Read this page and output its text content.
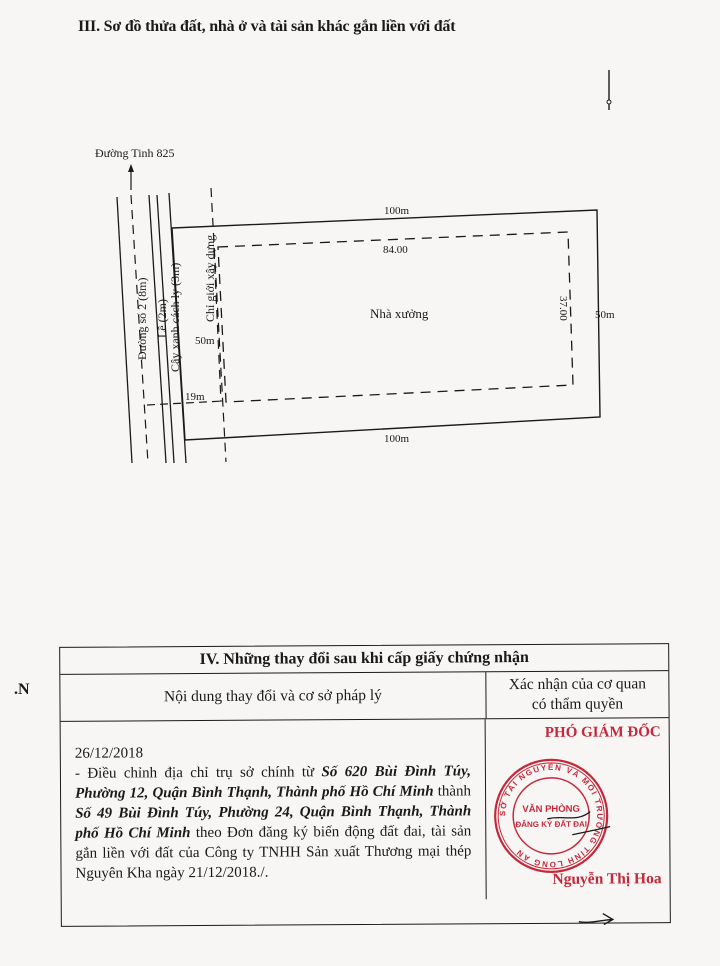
III. Sơ đồ thửa đất, nhà ở và tài sản khác gắn liền với đất
Đường Tinh 825
100m
84.00
Nhà xưởng	50m
50m
19m
100m
37.00
Đường số 2 (8m) Lề (2m) Cây xanh cách ly (3m) Chỉ giới xây dựng
.N
IV. Những thay đổi sau khi cấp giấy chứng nhận
Nội dung thay đổi và cơ sở pháp lý
Xác nhận của cơ quan
có thẩm quyền
26/12/2018
- Điều chỉnh địa chỉ trụ sở chính từ Số 620 Bùi Đình Túy, Phường 12, Quận Bình Thạnh, Thành phố Hồ Chí Minh thành Số 49 Bùi Đình Túy, Phường 24, Quận Bình Thạnh, Thành phố Hồ Chí Minh theo Đơn đăng ký biến động đất đai, tài sản gắn liền với đất của Công ty TNHH Sản xuất Thương mại thép Nguyên Kha ngày 21/12/2018./.
PHÓ GIÁM ĐỐC
SỞ TÀI NGUYÊN VÀ MÔI TRƯỜNG TỈNH LONG AN
VĂN PHÒNG
ĐĂNG KÝ ĐẤT ĐAI
Nguyễn Thị Hoa
